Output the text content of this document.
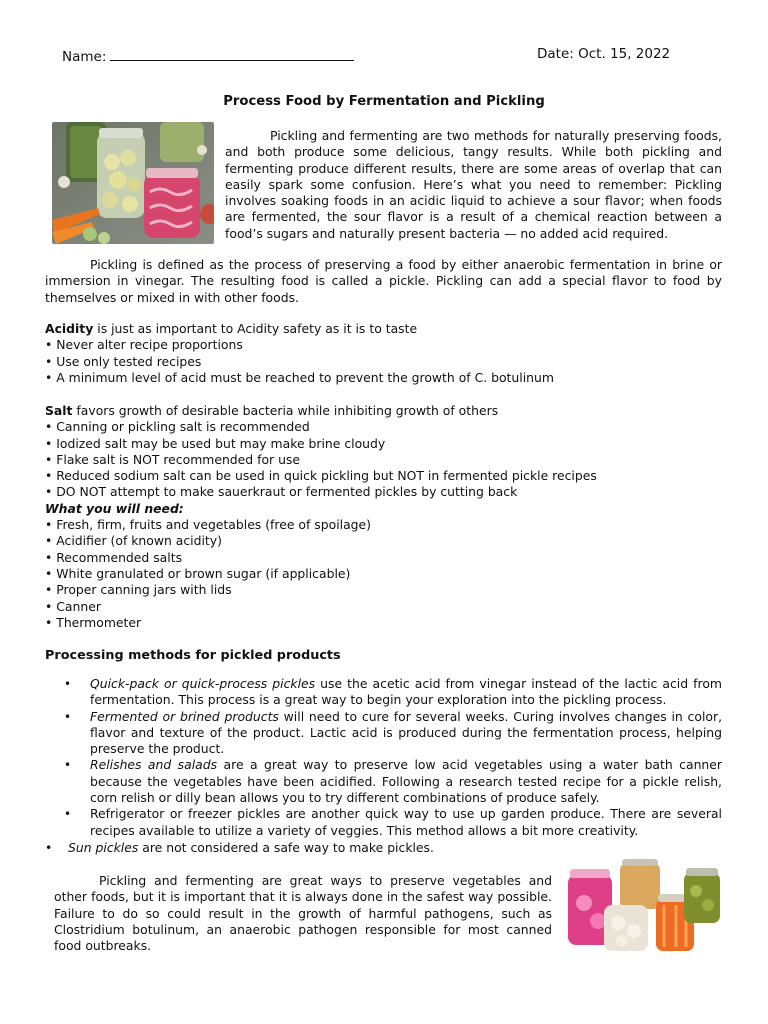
Name:	Date: Oct. 15, 2022
Process Food by Fermentation and Pickling
Pickling and fermenting are two methods for naturally preserving foods, and both produce some delicious, tangy results. While both pickling and fermenting produce different results, there are some areas of overlap that can easily spark some confusion. Here’s what you need to remember: Pickling involves soaking foods in an acidic liquid to achieve a sour flavor; when foods are fermented, the sour flavor is a result of a chemical reaction between a food’s sugars and naturally present bacteria — no added acid required.
Pickling is defined as the process of preserving a food by either anaerobic fermentation in brine or immersion in vinegar. The resulting food is called a pickle. Pickling can add a special flavor to food by themselves or mixed in with other foods.
Acidity is just as important to Acidity safety as it is to taste
• Never alter recipe proportions
• Use only tested recipes
• A minimum level of acid must be reached to prevent the growth of C. botulinum
Salt favors growth of desirable bacteria while inhibiting growth of others
• Canning or pickling salt is recommended
• Iodized salt may be used but may make brine cloudy
• Flake salt is NOT recommended for use
• Reduced sodium salt can be used in quick pickling but NOT in fermented pickle recipes
• DO NOT attempt to make sauerkraut or fermented pickles by cutting back
What you will need:
• Fresh, firm, fruits and vegetables (free of spoilage)
• Acidifier (of known acidity)
• Recommended salts
• White granulated or brown sugar (if applicable)
• Proper canning jars with lids
• Canner
• Thermometer
Processing methods for pickled products
• Quick-pack or quick-process pickles use the acetic acid from vinegar instead of the lactic acid from fermentation. This process is a great way to begin your exploration into the pickling process.
• Fermented or brined products will need to cure for several weeks. Curing involves changes in color, flavor and texture of the product. Lactic acid is produced during the fermentation process, helping preserve the product.
• Relishes and salads are a great way to preserve low acid vegetables using a water bath canner because the vegetables have been acidified. Following a research tested recipe for a pickle relish, corn relish or dilly bean allows you to try different combinations of produce safely.
• Refrigerator or freezer pickles are another quick way to use up garden produce. There are several recipes available to utilize a variety of veggies. This method allows a bit more creativity.
• Sun pickles are not considered a safe way to make pickles.
Pickling and fermenting are great ways to preserve vegetables and other foods, but it is important that it is always done in the safest way possible. Failure to do so could result in the growth of harmful pathogens, such as Clostridium botulinum, an anaerobic pathogen responsible for most canned food outbreaks.
